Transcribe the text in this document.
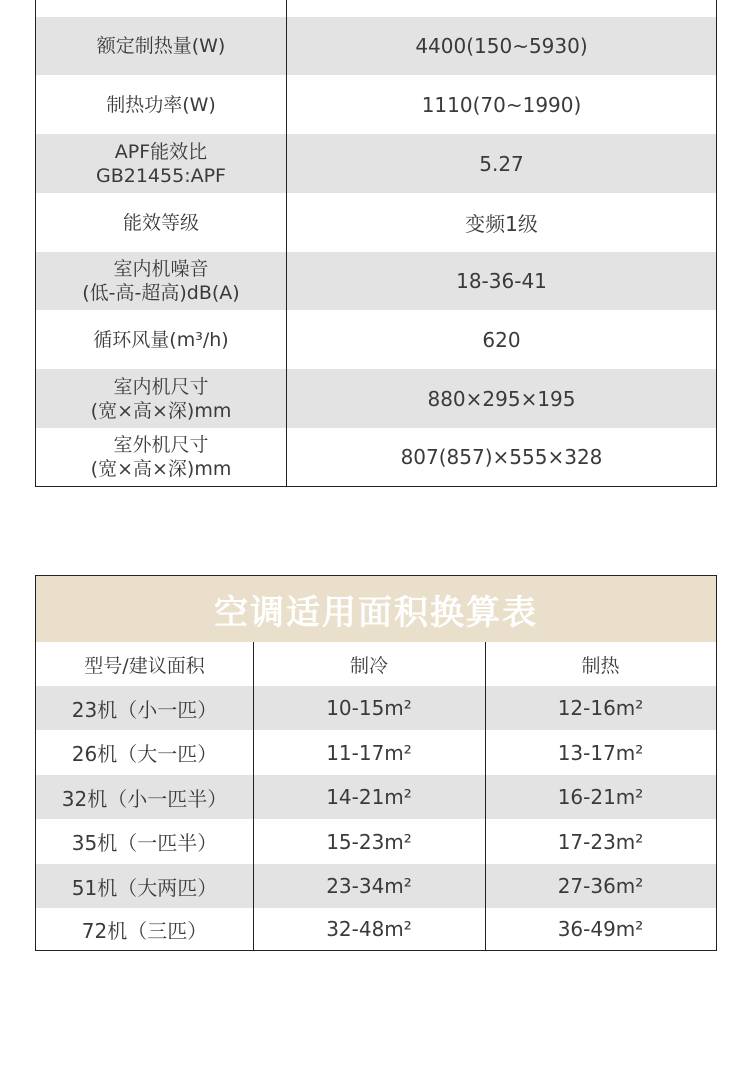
额定制热量(W)	4400(150~5930)
制热功率(W)	1110(70~1990)
APF能效比
GB21455:APF	5.27
能效等级	变频1级
室内机噪音
(低-高-超高)dB(A)	18-36-41
循环风量(m³/h)	620
室内机尺寸
(宽×高×深)mm	880×295×195
室外机尺寸
(宽×高×深)mm	807(857)×555×328
空调适用面积换算表
型号/建议面积	制冷	制热
23机（小一匹）	10-15m²	12-16m²
26机（大一匹）	11-17m²	13-17m²
32机（小一匹半）	14-21m²	16-21m²
35机（一匹半）	15-23m²	17-23m²
51机（大两匹）	23-34m²	27-36m²
72机（三匹）	32-48m²	36-49m²
